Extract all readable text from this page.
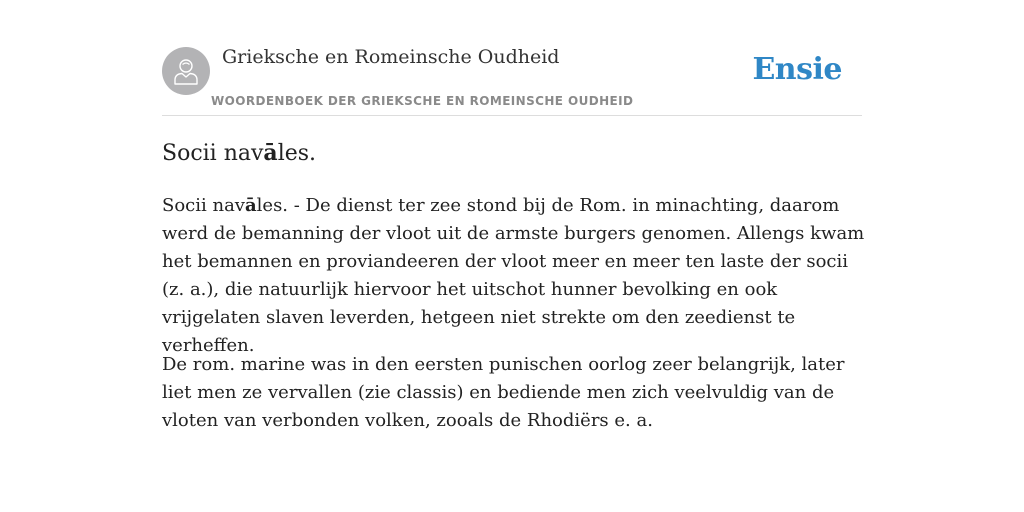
Grieksche en Romeinsche Oudheid
WOORDENBOEK DER GRIEKSCHE EN ROMEINSCHE OUDHEID
Ensie
Socii navāles.

Socii navāles. - De dienst ter zee stond bij de Rom. in minachting, daarom werd de bemanning der vloot uit de armste burgers genomen. Allengs kwam het bemannen en proviandeeren der vloot meer en meer ten laste der socii (z. a.), die natuurlijk hiervoor het uitschot hunner bevolking en ook vrijgelaten slaven leverden, hetgeen niet strekte om den zeedienst te verheffen.

De rom. marine was in den eersten punischen oorlog zeer belangrijk, later liet men ze vervallen (zie classis) en bediende men zich veelvuldig van de vloten van verbonden volken, zooals de Rhodiërs e. a.
